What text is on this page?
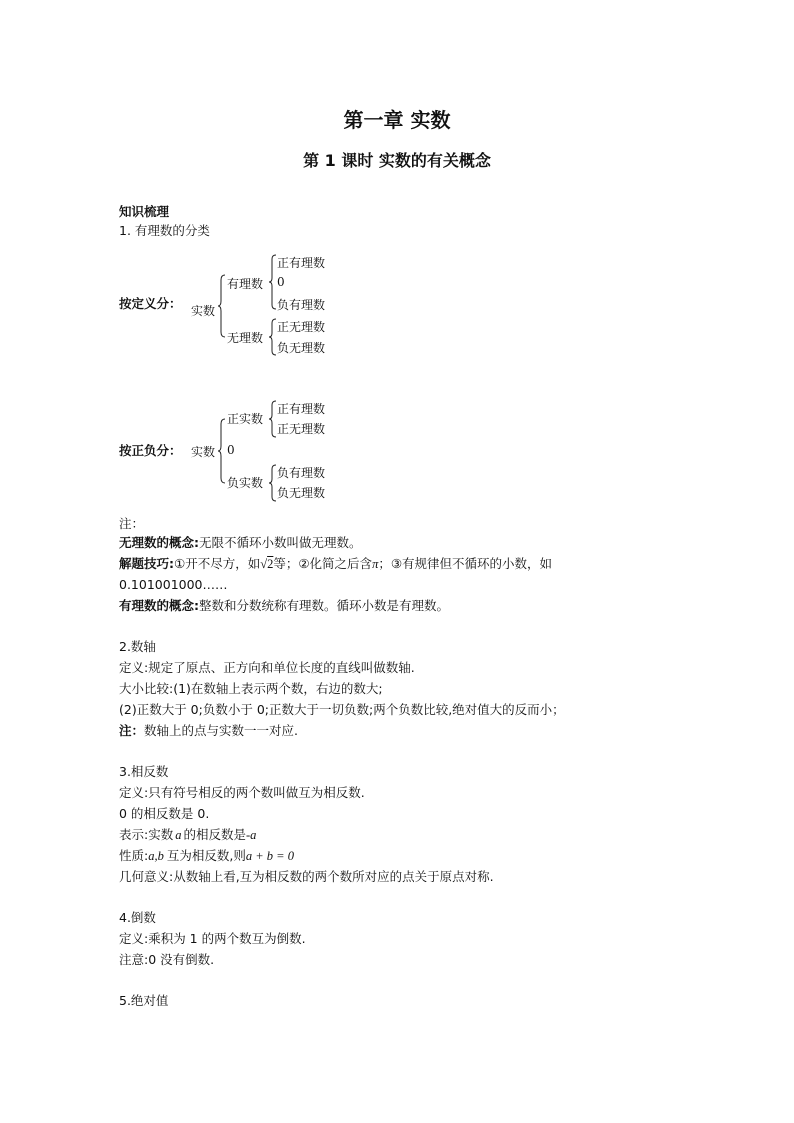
第一章 实数
第 1 课时 实数的有关概念
知识梳理
1. 有理数的分类
按定义分： 实数
有理数
正有理数
0
负有理数
无理数
正无理数
负无理数
按正负分： 实数
正实数
正有理数
正无理数
0
负实数
负有理数
负无理数
注：
无理数的概念:无限不循环小数叫做无理数。
解题技巧:①开不尽方，如√2等；②化简之后含π；③有规律但不循环的小数，如
0.101001000……
有理数的概念:整数和分数统称有理数。循环小数是有理数。
2.数轴
定义:规定了原点、正方向和单位长度的直线叫做数轴.
大小比较:(1)在数轴上表示两个数，右边的数大;
(2)正数大于 0;负数小于 0;正数大于一切负数;两个负数比较,绝对值大的反而小；
注：数轴上的点与实数一一对应.
3.相反数
定义:只有符号相反的两个数叫做互为相反数.
0 的相反数是 0.
表示:实数 a 的相反数是-a
性质:a,b 互为相反数,则a + b = 0
几何意义:从数轴上看,互为相反数的两个数所对应的点关于原点对称.
4.倒数
定义:乘积为 1 的两个数互为倒数.
注意:0 没有倒数.
5.绝对值
